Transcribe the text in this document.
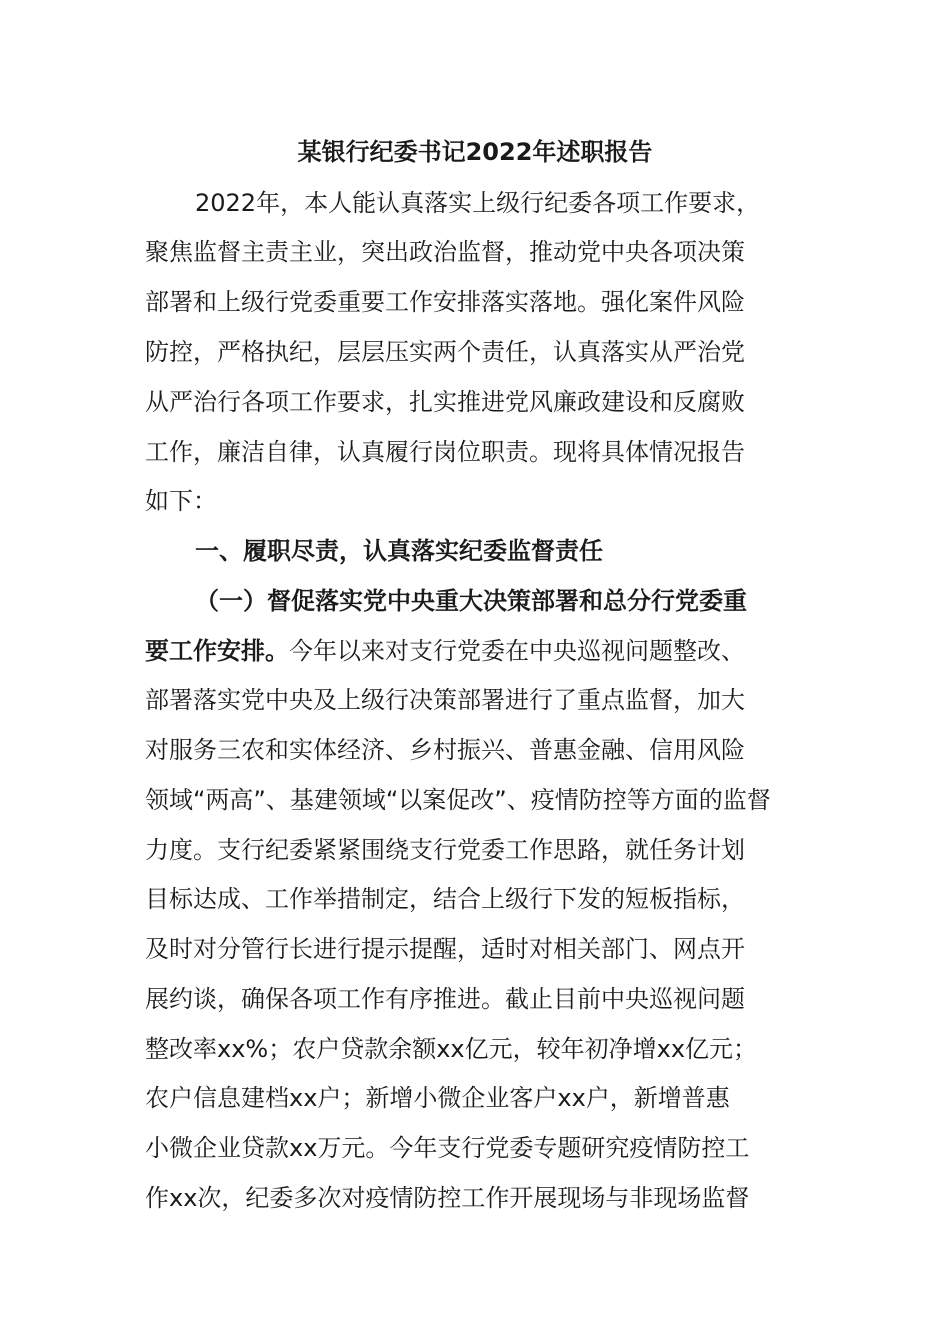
某银行纪委书记2022年述职报告

2022年，本人能认真落实上级行纪委各项工作要求，

聚焦监督主责主业，突出政治监督，推动党中央各项决策

部署和上级行党委重要工作安排落实落地。强化案件风险

防控，严格执纪，层层压实两个责任，认真落实从严治党

从严治行各项工作要求，扎实推进党风廉政建设和反腐败

工作，廉洁自律，认真履行岗位职责。现将具体情况报告

如下：

一、履职尽责，认真落实纪委监督责任

（一）督促落实党中央重大决策部署和总分行党委重

要工作安排。今年以来对支行党委在中央巡视问题整改、

部署落实党中央及上级行决策部署进行了重点监督，加大

对服务三农和实体经济、乡村振兴、普惠金融、信用风险

领域“两高”、基建领域“以案促改”、疫情防控等方面的监督

力度。支行纪委紧紧围绕支行党委工作思路，就任务计划

目标达成、工作举措制定，结合上级行下发的短板指标，

及时对分管行长进行提示提醒，适时对相关部门、网点开

展约谈，确保各项工作有序推进。截止目前中央巡视问题

整改率xx%；农户贷款余额xx亿元，较年初净增xx亿元；

农户信息建档xx户；新增小微企业客户xx户，新增普惠

小微企业贷款xx万元。今年支行党委专题研究疫情防控工

作xx次，纪委多次对疫情防控工作开展现场与非现场监督
